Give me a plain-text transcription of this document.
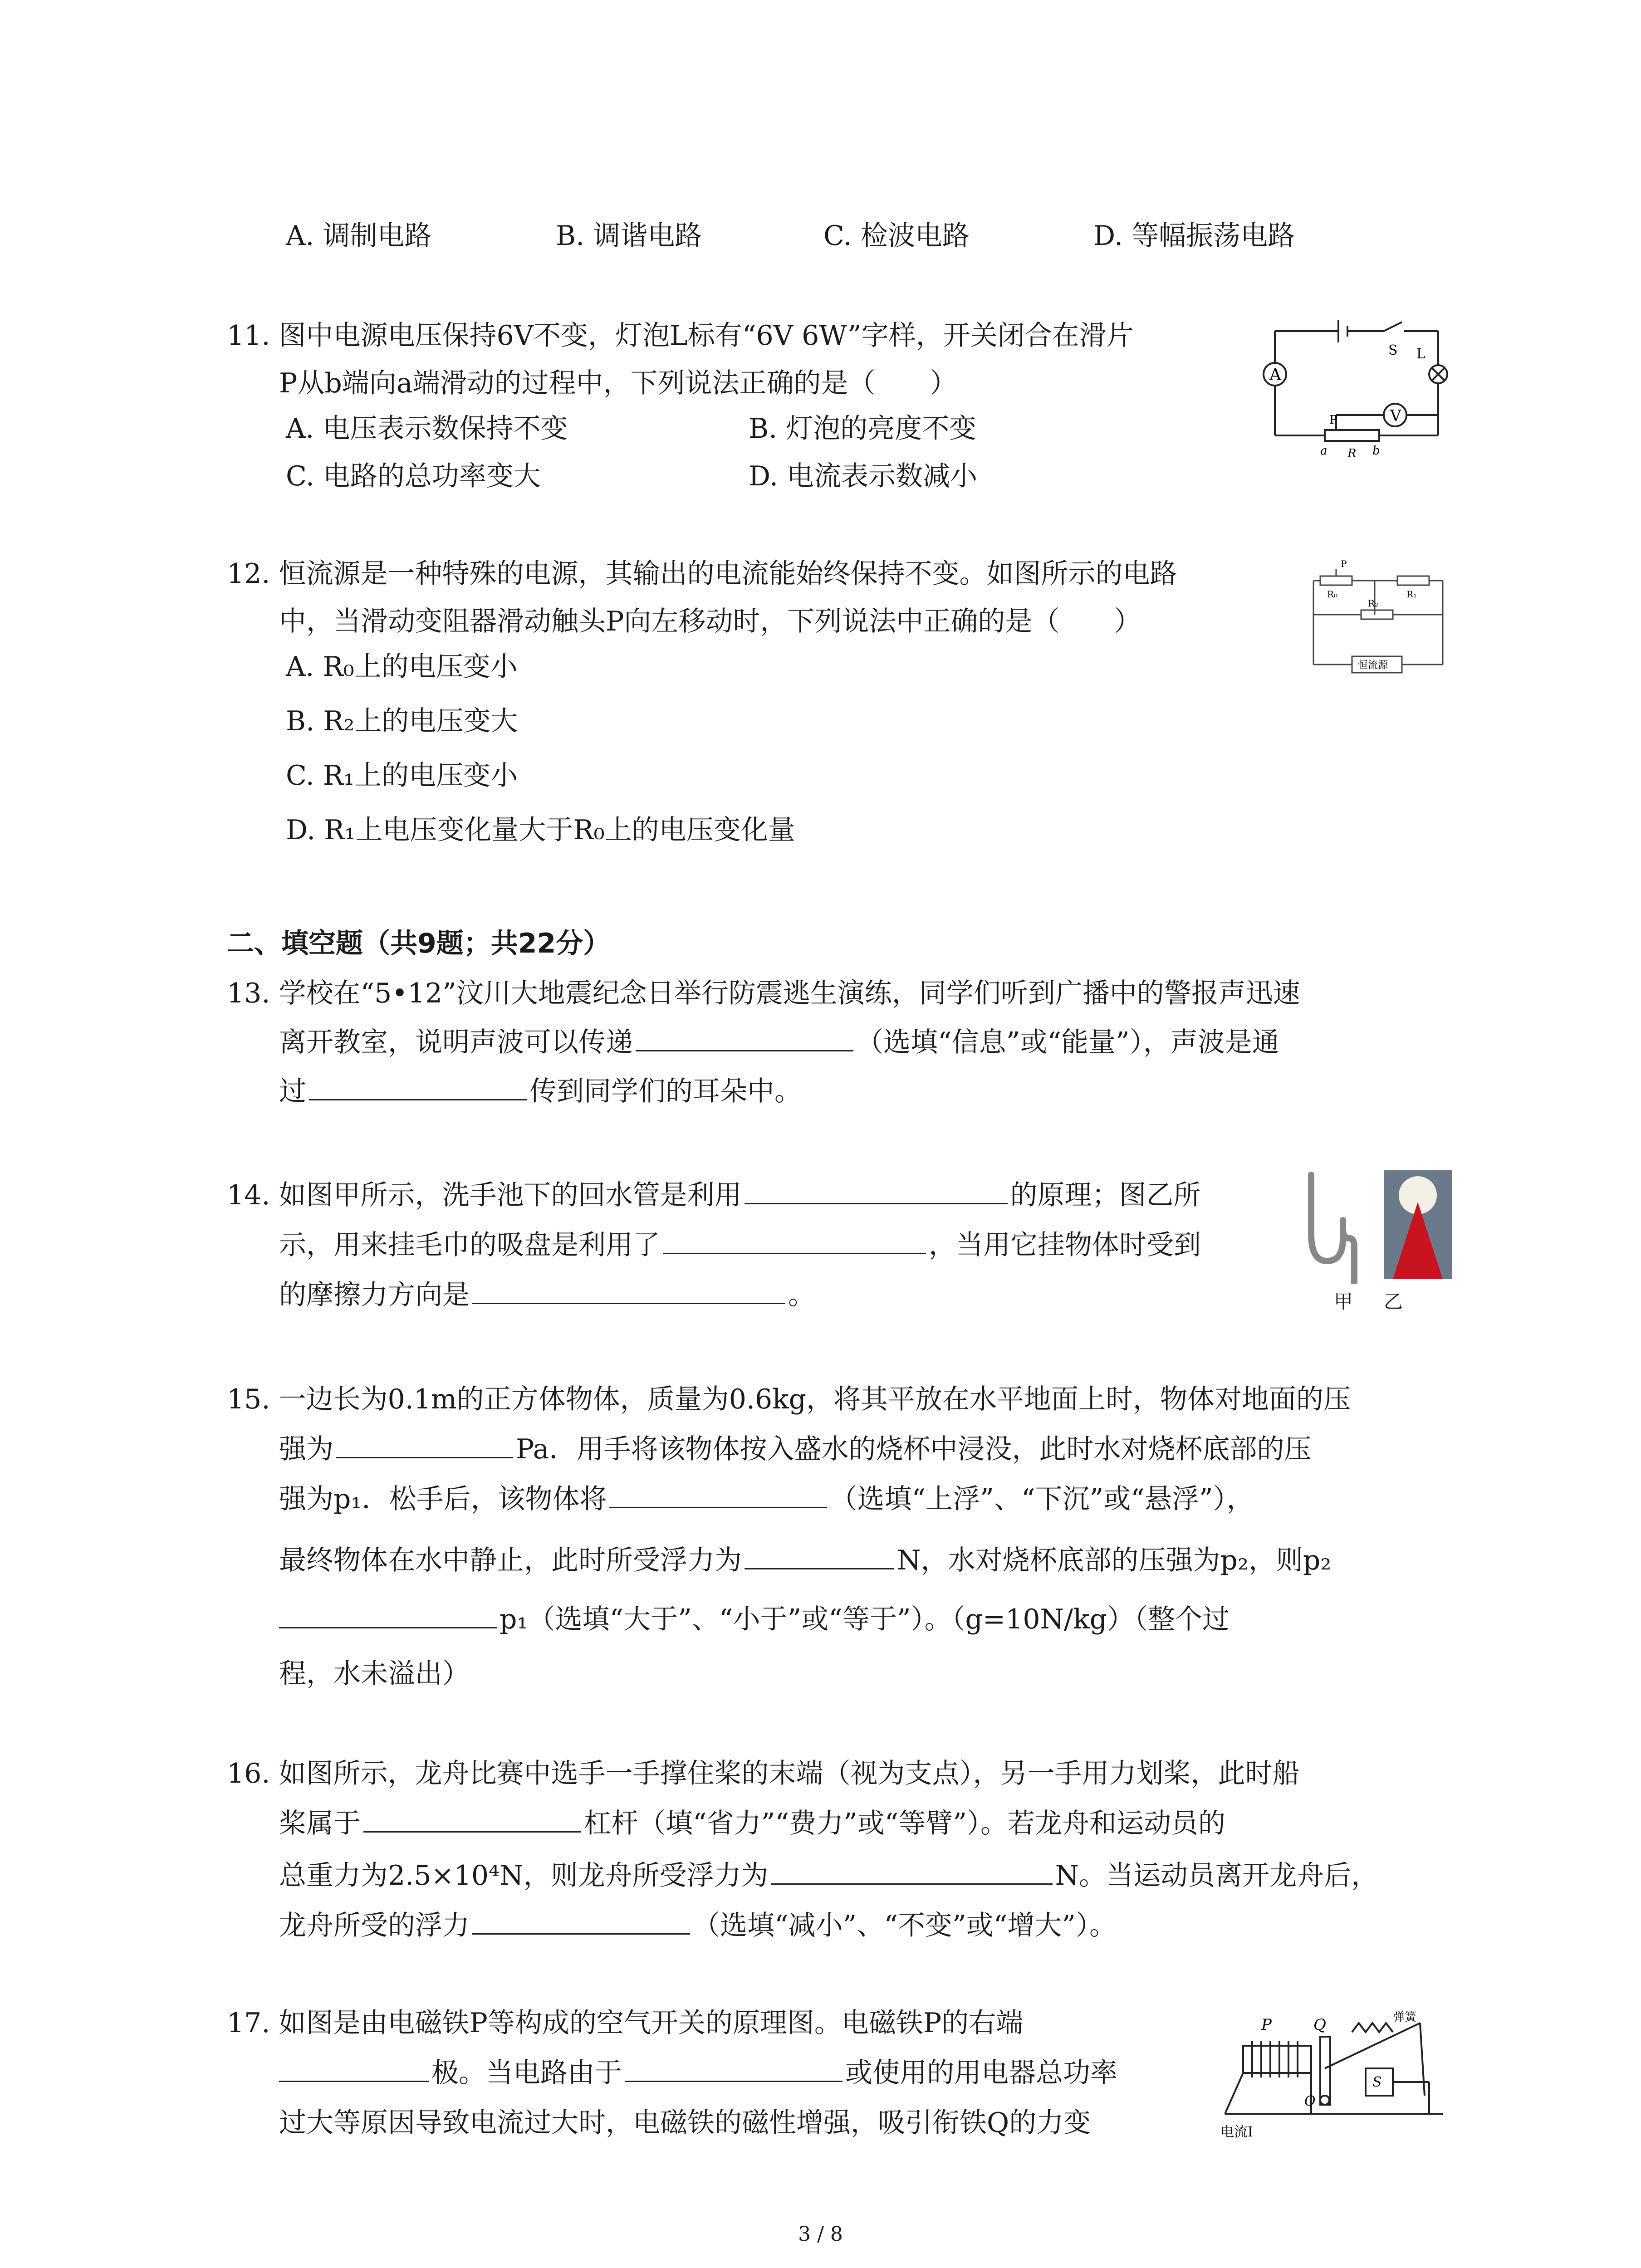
A. 调制电路	B. 调谐电路	C. 检波电路	D. 等幅振荡电路
11. 图中电源电压保持6V不变，灯泡L标有“6V 6W”字样，开关闭合在滑片
P从b端向a端滑动的过程中，下列说法正确的是（　　）
A. 电压表示数保持不变	B. 灯泡的亮度不变
C. 电路的总功率变大	D. 电流表示数减小
A
S L
V
P
a R b
12. 恒流源是一种特殊的电源，其输出的电流能始终保持不变。如图所示的电路
中，当滑动变阻器滑动触头P向左移动时，下列说法中正确的是（　　）
A. R₀上的电压变小
B. R₂上的电压变大
C. R₁上的电压变小
D. R₁上电压变化量大于R₀上的电压变化量
P
R₀	R₁
R₂
恒流源
二、填空题（共9题；共22分）
13. 学校在“5•12”汶川大地震纪念日举行防震逃生演练，同学们听到广播中的警报声迅速
离开教室，说明声波可以传递	（选填“信息”或“能量”），声波是通
过	传到同学们的耳朵中。
14. 如图甲所示，洗手池下的回水管是利用	的原理；图乙所
示，用来挂毛巾的吸盘是利用了	，当用它挂物体时受到
的摩擦力方向是	。	甲 乙
15. 一边长为0.1m的正方体物体，质量为0.6kg，将其平放在水平地面上时，物体对地面的压
强为	Pa．用手将该物体按入盛水的烧杯中浸没，此时水对烧杯底部的压
强为p₁．松手后，该物体将	（选填“上浮”、“下沉”或“悬浮”），
最终物体在水中静止，此时所受浮力为	N，水对烧杯底部的压强为p₂，则p₂
p₁（选填“大于”、“小于”或“等于”）。（g=10N/kg）（整个过
程，水未溢出）
16. 如图所示，龙舟比赛中选手一手撑住桨的末端（视为支点），另一手用力划桨，此时船
桨属于	杠杆（填“省力”“费力”或“等臂”）。若龙舟和运动员的
总重力为2.5×10⁴N，则龙舟所受浮力为	N。当运动员离开龙舟后，
龙舟所受的浮力	（选填“减小”、“不变”或“增大”）。
17. 如图是由电磁铁P等构成的空气开关的原理图。电磁铁P的右端
极。当电路由于	或使用的用电器总功率
过大等原因导致电流过大时，电磁铁的磁性增强，吸引衔铁Q的力变
P	Q	弹簧
O
S
电流I
3 / 8
